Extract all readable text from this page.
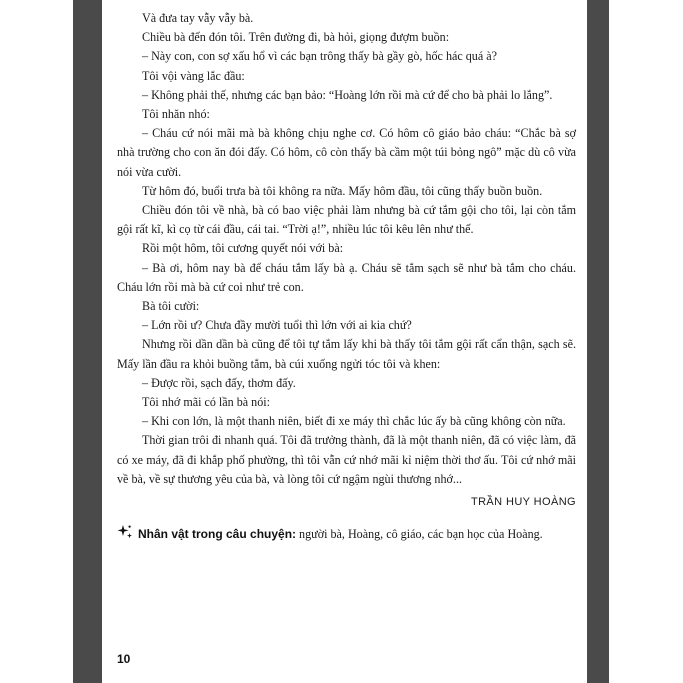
Và đưa tay vẫy vẫy bà.

Chiều bà đến đón tôi. Trên đường đi, bà hỏi, giọng đượm buồn:

– Này con, con sợ xấu hổ vì các bạn trông thấy bà gầy gò, hốc hác quá à?

Tôi vội vàng lắc đầu:

– Không phải thế, nhưng các bạn bảo: “Hoàng lớn rồi mà cứ để cho bà phải lo lắng”.

Tôi nhăn nhó:

– Cháu cứ nói mãi mà bà không chịu nghe cơ. Có hôm cô giáo bảo cháu: “Chắc bà sợ nhà trường cho con ăn đói đấy. Có hôm, cô còn thấy bà cầm một túi bỏng ngô” mặc dù cô vừa nói vừa cười.

Từ hôm đó, buổi trưa bà tôi không ra nữa. Mấy hôm đầu, tôi cũng thấy buồn buồn.

Chiều đón tôi về nhà, bà có bao việc phải làm nhưng bà cứ tắm gội cho tôi, lại còn tắm gội rất kĩ, kì cọ từ cái đầu, cái tai. “Trời ạ!”, nhiều lúc tôi kêu lên như thế.

Rồi một hôm, tôi cương quyết nói với bà:

– Bà ơi, hôm nay bà để cháu tắm lấy bà ạ. Cháu sẽ tắm sạch sẽ như bà tắm cho cháu. Cháu lớn rồi mà bà cứ coi như trẻ con.

Bà tôi cười:

– Lớn rồi ư? Chưa đầy mười tuổi thì lớn với ai kia chứ?

Nhưng rồi dần dần bà cũng để tôi tự tắm lấy khi bà thấy tôi tắm gội rất cẩn thận, sạch sẽ. Mấy lần đầu ra khỏi buồng tắm, bà cúi xuống ngửi tóc tôi và khen:

– Được rồi, sạch đấy, thơm đấy.

Tôi nhớ mãi có lần bà nói:

– Khi con lớn, là một thanh niên, biết đi xe máy thì chắc lúc ấy bà cũng không còn nữa.

Thời gian trôi đi nhanh quá. Tôi đã trưởng thành, đã là một thanh niên, đã có việc làm, đã có xe máy, đã đi khắp phố phường, thì tôi vẫn cứ nhớ mãi kỉ niệm thời thơ ấu. Tôi cứ nhớ mãi về bà, về sự thương yêu của bà, và lòng tôi cứ ngậm ngùi thương nhớ...

TRẦN HUY HOÀNG
Nhân vật trong câu chuyện: người bà, Hoàng, cô giáo, các bạn học của Hoàng.
10
